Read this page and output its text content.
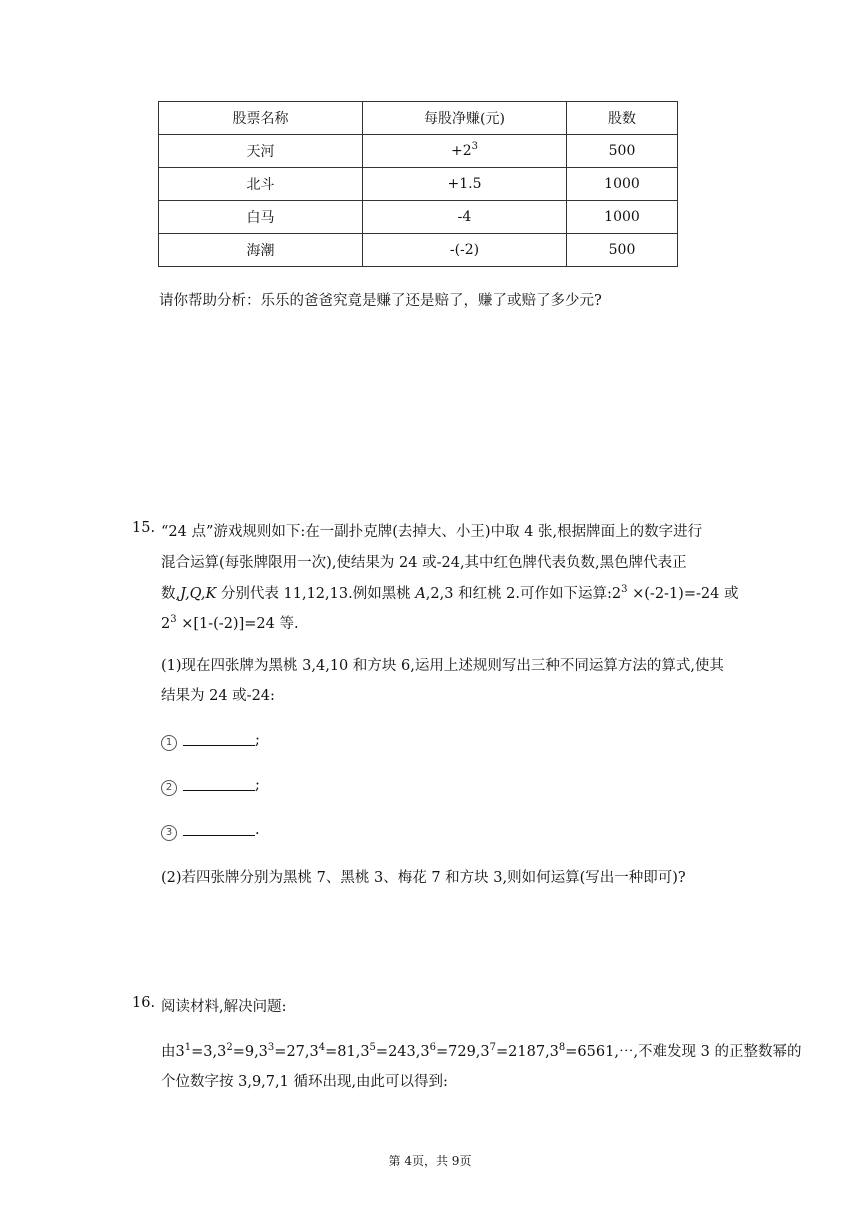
股票名称	每股净赚(元)	股数
天河	$+2^3$	500
北斗	+1.5	1000
白马	-4	1000
海潮	-(-2)	500
请你帮助分析：乐乐的爸爸究竟是赚了还是赔了，赚了或赔了多少元?
15. “24 点”游戏规则如下:在一副扑克牌(去掉大、小王)中取 4 张,根据牌面上的数字进行
混合运算(每张牌限用一次),使结果为 24 或-24,其中红色牌代表负数,黑色牌代表正
数,J,Q,K 分别代表 11,12,13.例如黑桃 A,2,3 和红桃 2.可作如下运算$:2^3 \times(-2-1)=-24$ 或
$2^3 \times[1-(-2)]=24$ 等.
(1)现在四张牌为黑桃 3,4,10 和方块 6,运用上述规则写出三种不同运算方法的算式,使其
结果为 24 或-24:
1	;
2	;
3	.
(2)若四张牌分别为黑桃 7、黑桃 3、梅花 7 和方块 3,则如何运算(写出一种即可)?
16. 阅读材料,解决问题:
由$3^1=3,3^2=9,3^3=27,3^4=81,3^5=243,3^6=729,3^7=2187,3^8=6561,\cdots$,不难发现 3 的正整数幂的
个位数字按 3,9,7,1 循环出现,由此可以得到:
第 4页，共 9页
